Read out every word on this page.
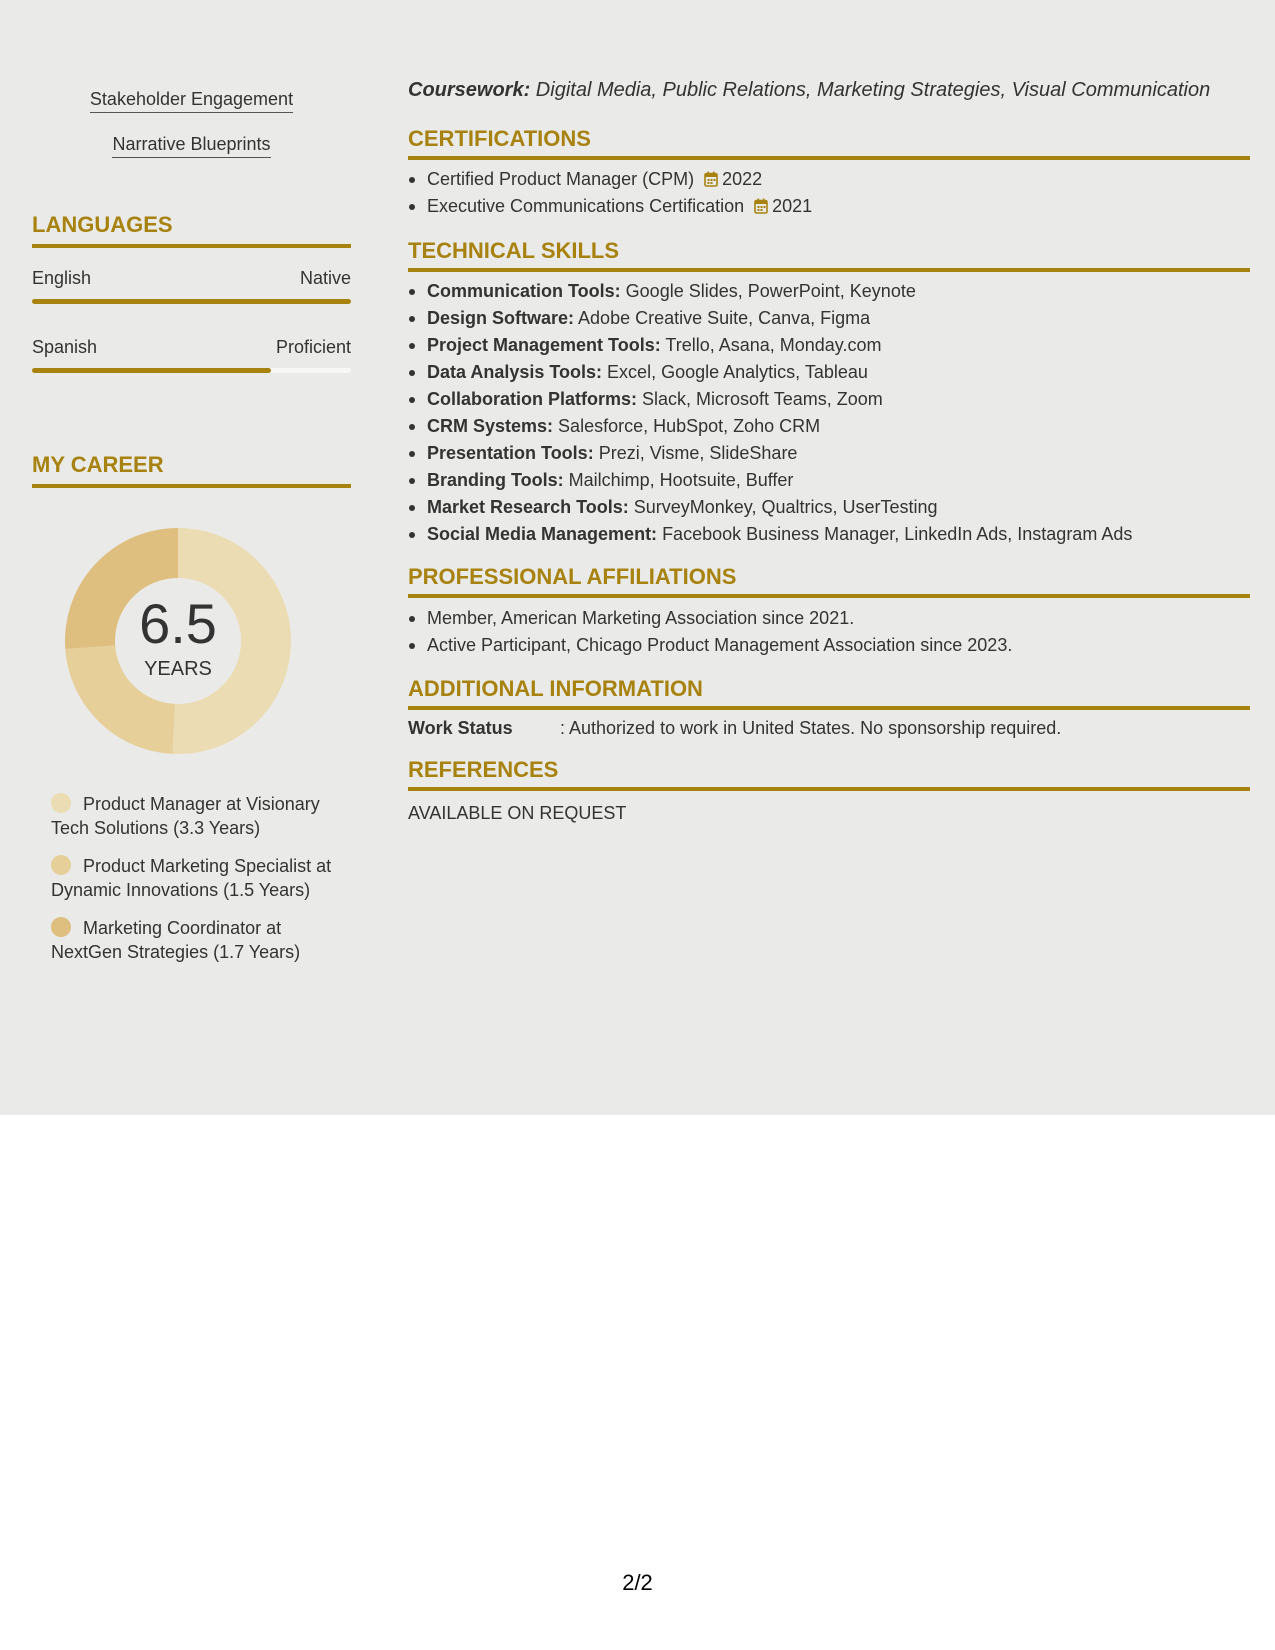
Stakeholder Engagement
Narrative Blueprints
LANGUAGES
English	Native
Spanish	Proficient
MY CAREER
6.5
YEARS
Product Manager at Visionary Tech Solutions (3.3 Years)
Product Marketing Specialist at Dynamic Innovations (1.5 Years)
Marketing Coordinator at NextGen Strategies (1.7 Years)
Coursework: Digital Media, Public Relations, Marketing Strategies, Visual Communication
CERTIFICATIONS
Certified Product Manager (CPM) 2022
Executive Communications Certification 2021
TECHNICAL SKILLS
Communication Tools: Google Slides, PowerPoint, Keynote
Design Software: Adobe Creative Suite, Canva, Figma
Project Management Tools: Trello, Asana, Monday.com
Data Analysis Tools: Excel, Google Analytics, Tableau
Collaboration Platforms: Slack, Microsoft Teams, Zoom
CRM Systems: Salesforce, HubSpot, Zoho CRM
Presentation Tools: Prezi, Visme, SlideShare
Branding Tools: Mailchimp, Hootsuite, Buffer
Market Research Tools: SurveyMonkey, Qualtrics, UserTesting
Social Media Management: Facebook Business Manager, LinkedIn Ads, Instagram Ads
PROFESSIONAL AFFILIATIONS
Member, American Marketing Association since 2021.
Active Participant, Chicago Product Management Association since 2023.
ADDITIONAL INFORMATION
Work Status	: Authorized to work in United States. No sponsorship required.
REFERENCES
AVAILABLE ON REQUEST
2/2
